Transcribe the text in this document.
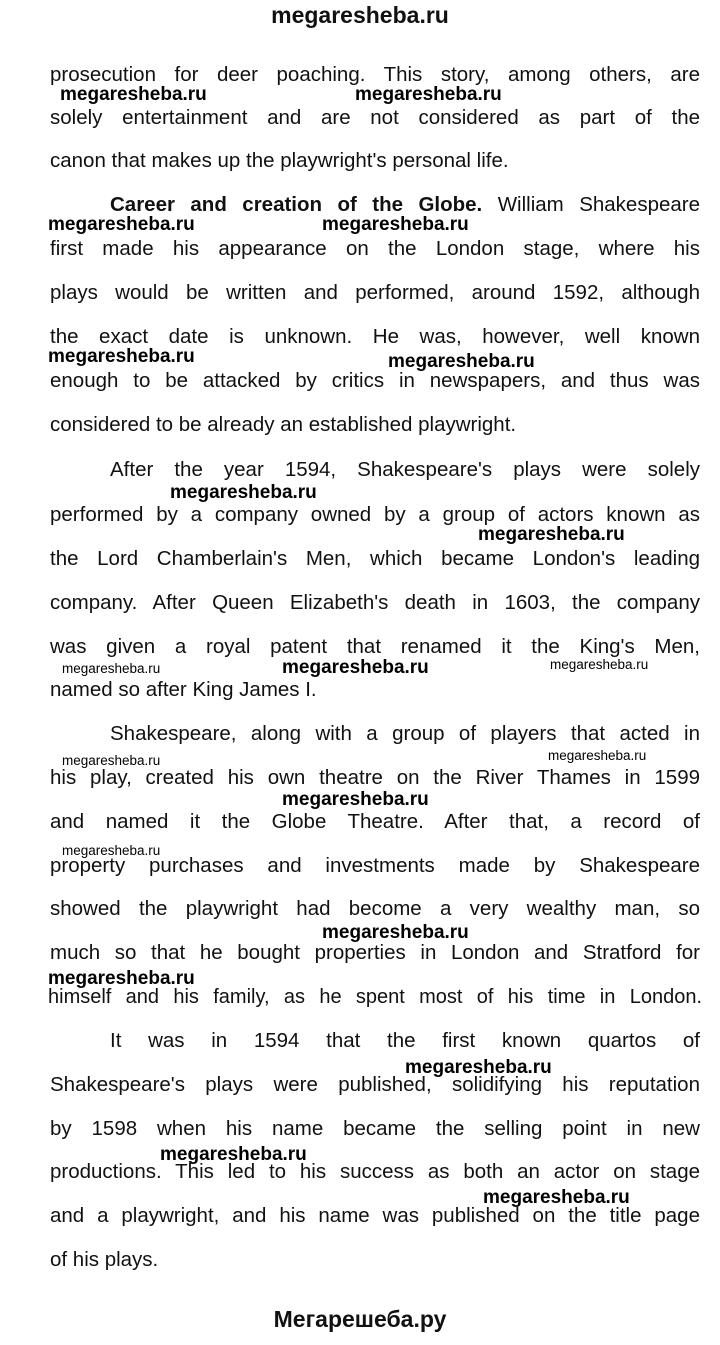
megaresheba.ru
prosecution for deer poaching. This story, among others, are
solely entertainment and are not considered as part of the
canon that makes up the playwright's personal life.
Career and creation of the Globe. William Shakespeare
first made his appearance on the London stage, where his
plays would be written and performed, around 1592, although
the exact date is unknown. He was, however, well known
enough to be attacked by critics in newspapers, and thus was
considered to be already an established playwright.
After the year 1594, Shakespeare's plays were solely
performed by a company owned by a group of actors known as
the Lord Chamberlain's Men, which became London's leading
company. After Queen Elizabeth's death in 1603, the company
was given a royal patent that renamed it the King's Men,
named so after King James I.
Shakespeare, along with a group of players that acted in
his play, created his own theatre on the River Thames in 1599
and named it the Globe Theatre. After that, a record of
property purchases and investments made by Shakespeare
showed the playwright had become a very wealthy man, so
much so that he bought properties in London and Stratford for
himself and his family, as he spent most of his time in London.
It was in 1594 that the first known quartos of
Shakespeare's plays were published, solidifying his reputation
by 1598 when his name became the selling point in new
productions. This led to his success as both an actor on stage
and a playwright, and his name was published on the title page
of his plays.
megaresheba.ru	megaresheba.ru
megaresheba.ru	megaresheba.ru
megaresheba.ru	megaresheba.ru
megaresheba.ru
megaresheba.ru
megaresheba.ru	megaresheba.ru	megaresheba.ru
megaresheba.ru	megaresheba.ru
megaresheba.ru
megaresheba.ru
megaresheba.ru
megaresheba.ru
megaresheba.ru
megaresheba.ru
megaresheba.ru
Мегарешеба.ру
